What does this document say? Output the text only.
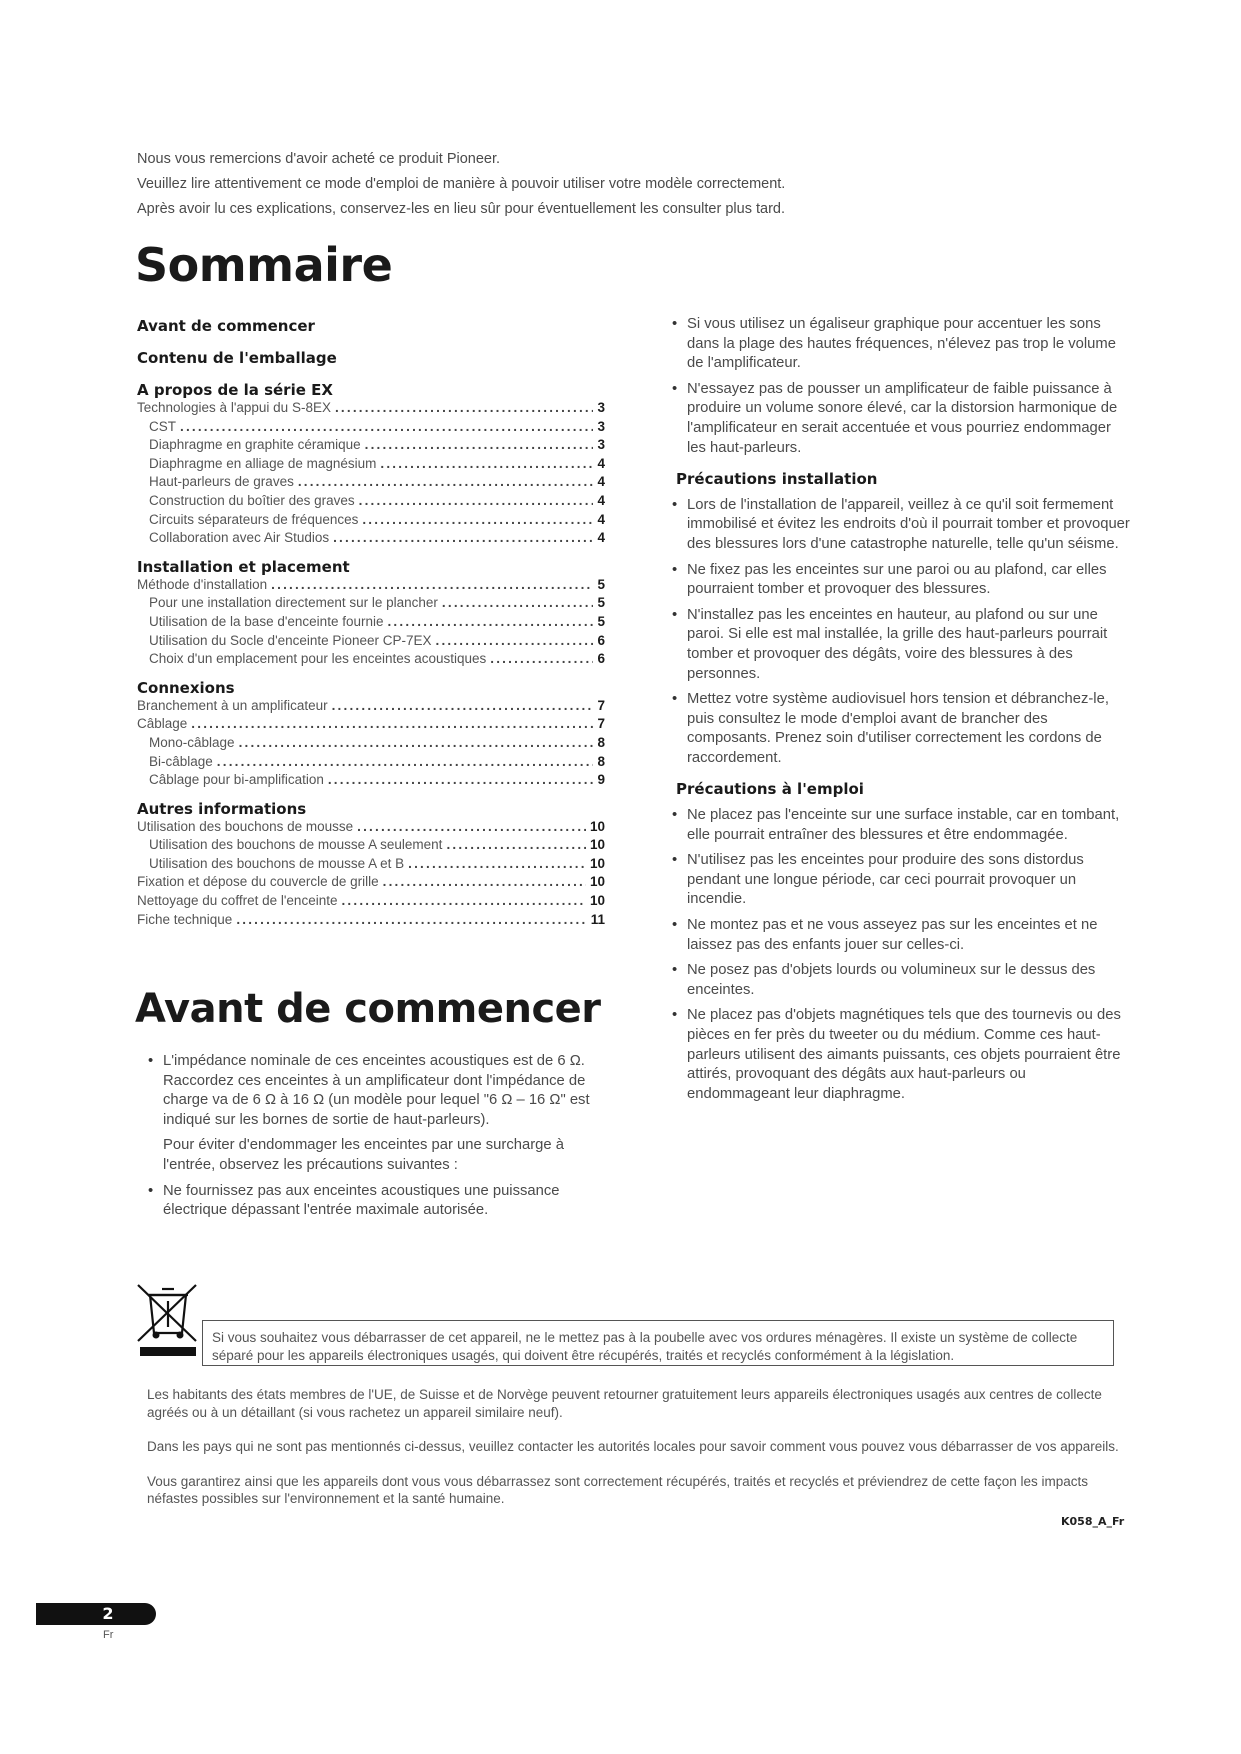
Nous vous remercions d'avoir acheté ce produit Pioneer.

Veuillez lire attentivement ce mode d'emploi de manière à pouvoir utiliser votre modèle correctement.

Après avoir lu ces explications, conservez-les en lieu sûr pour éventuellement les consulter plus tard.

Sommaire
Avant de commencer
Contenu de l'emballage
A propos de la série EX
Technologies à l'appui du S-8EX .....	3
CST .....	3
Diaphragme en graphite céramique .....	3
Diaphragme en alliage de magnésium .....	4
Haut-parleurs de graves .....	4
Construction du boîtier des graves .....	4
Circuits séparateurs de fréquences .....	4
Collaboration avec Air Studios .....	4
Installation et placement
Méthode d'installation .....	5
Pour une installation directement sur le plancher .....	5
Utilisation de la base d'enceinte fournie .....	5
Utilisation du Socle d'enceinte Pioneer CP-7EX .....	6
Choix d'un emplacement pour les enceintes acoustiques .....	6
Connexions
Branchement à un amplificateur .....	7
Câblage .....	7
Mono-câblage .....	8
Bi-câblage .....	8
Câblage pour bi-amplification .....	9
Autres informations
Utilisation des bouchons de mousse .....	10
Utilisation des bouchons de mousse A seulement .....	10
Utilisation des bouchons de mousse A et B .....	10
Fixation et dépose du couvercle de grille .....	10
Nettoyage du coffret de l'enceinte .....	10
Fiche technique .....	11
Avant de commencer
• L'impédance nominale de ces enceintes acoustiques est de 6 Ω. Raccordez ces enceintes à un amplificateur dont l'impédance de charge va de 6 Ω à 16 Ω (un modèle pour lequel "6 Ω – 16 Ω" est indiqué sur les bornes de sortie de haut-parleurs).

Pour éviter d'endommager les enceintes par une surcharge à l'entrée, observez les précautions suivantes :

• Ne fournissez pas aux enceintes acoustiques une puissance électrique dépassant l'entrée maximale autorisée.
• Si vous utilisez un égaliseur graphique pour accentuer les sons dans la plage des hautes fréquences, n'élevez pas trop le volume de l'amplificateur.
• N'essayez pas de pousser un amplificateur de faible puissance à produire un volume sonore élevé, car la distorsion harmonique de l'amplificateur en serait accentuée et vous pourriez endommager les haut-parleurs.
Précautions installation
• Lors de l'installation de l'appareil, veillez à ce qu'il soit fermement immobilisé et évitez les endroits d'où il pourrait tomber et provoquer des blessures lors d'une catastrophe naturelle, telle qu'un séisme.
• Ne fixez pas les enceintes sur une paroi ou au plafond, car elles pourraient tomber et provoquer des blessures.
• N'installez pas les enceintes en hauteur, au plafond ou sur une paroi. Si elle est mal installée, la grille des haut-parleurs pourrait tomber et provoquer des dégâts, voire des blessures à des personnes.
• Mettez votre système audiovisuel hors tension et débranchez-le, puis consultez le mode d'emploi avant de brancher des composants. Prenez soin d'utiliser correctement les cordons de raccordement.
Précautions à l'emploi
• Ne placez pas l'enceinte sur une surface instable, car en tombant, elle pourrait entraîner des blessures et être endommagée.
• N'utilisez pas les enceintes pour produire des sons distordus pendant une longue période, car ceci pourrait provoquer un incendie.
• Ne montez pas et ne vous asseyez pas sur les enceintes et ne laissez pas des enfants jouer sur celles-ci.
• Ne posez pas d'objets lourds ou volumineux sur le dessus des enceintes.
• Ne placez pas d'objets magnétiques tels que des tournevis ou des pièces en fer près du tweeter ou du médium. Comme ces haut-parleurs utilisent des aimants puissants, ces objets pourraient être attirés, provoquant des dégâts aux haut-parleurs ou endommageant leur diaphragme.
Si vous souhaitez vous débarrasser de cet appareil, ne le mettez pas à la poubelle avec vos ordures ménagères. Il existe un système de collecte séparé pour les appareils électroniques usagés, qui doivent être récupérés, traités et recyclés conformément à la législation.

Les habitants des états membres de l'UE, de Suisse et de Norvège peuvent retourner gratuitement leurs appareils électroniques usagés aux centres de collecte agréés ou à un détaillant (si vous rachetez un appareil similaire neuf).

Dans les pays qui ne sont pas mentionnés ci-dessus, veuillez contacter les autorités locales pour savoir comment vous pouvez vous débarrasser de vos appareils.

Vous garantirez ainsi que les appareils dont vous vous débarrassez sont correctement récupérés, traités et recyclés et préviendrez de cette façon les impacts néfastes possibles sur l'environnement et la santé humaine.

K058_A_Fr
2
Fr
